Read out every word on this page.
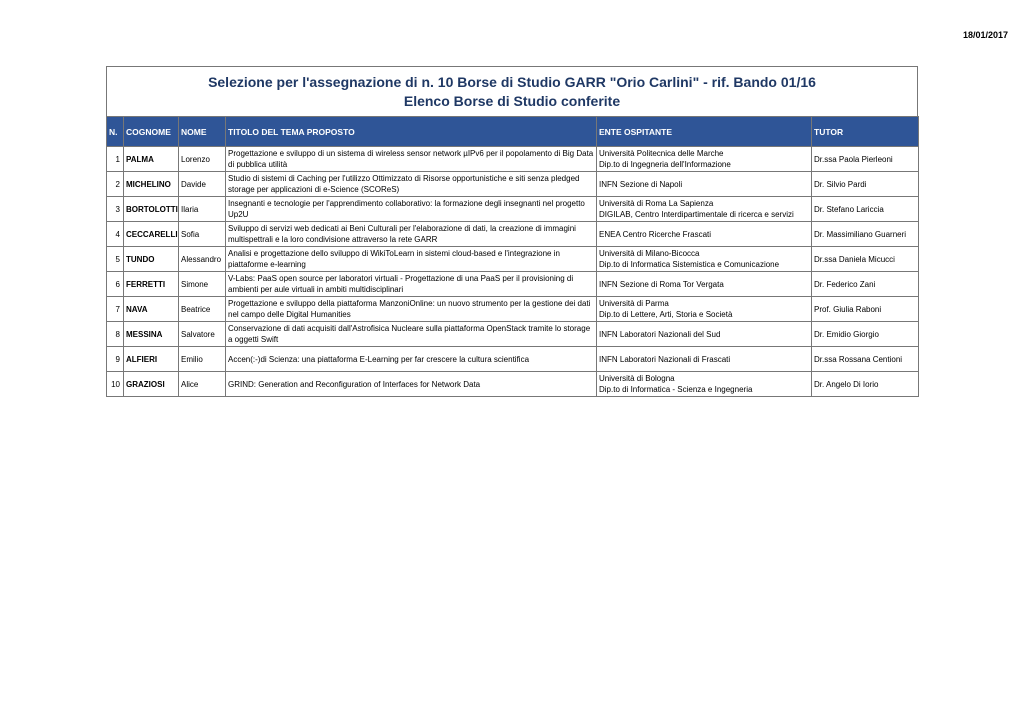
18/01/2017
Selezione per l'assegnazione di n. 10 Borse di Studio GARR "Orio Carlini" - rif. Bando 01/16
Elenco Borse di Studio conferite
N.	COGNOME	NOME	TITOLO DEL TEMA PROPOSTO	ENTE OSPITANTE	TUTOR
1	PALMA	Lorenzo	Progettazione e sviluppo di un sistema di wireless sensor network µIPv6 per il popolamento di Big Data di pubblica utilità	Università Politecnica delle Marche
Dip.to di Ingegneria dell'Informazione	Dr.ssa Paola Pierleoni
2	MICHELINO	Davide	Studio di sistemi di Caching per l'utilizzo Ottimizzato di Risorse opportunistiche e siti senza pledged storage per applicazioni di e-Science (SCOReS)	INFN Sezione di Napoli	Dr. Silvio Pardi
3	BORTOLOTTI	Ilaria	Insegnanti e tecnologie per l'apprendimento collaborativo: la formazione degli insegnanti nel progetto Up2U	Università di Roma La Sapienza
DIGILAB, Centro Interdipartimentale di ricerca e servizi	Dr. Stefano Lariccia
4	CECCARELLI	Sofia	Sviluppo di servizi web dedicati ai Beni Culturali per l'elaborazione di dati, la creazione di immagini multispettrali e la loro condivisione attraverso la rete GARR	ENEA Centro Ricerche Frascati	Dr. Massimiliano Guarneri
5	TUNDO	Alessandro	Analisi e progettazione dello sviluppo di WikiToLearn in sistemi cloud-based e l'integrazione in piattaforme e-learning	Università di Milano-Bicocca
Dip.to di Informatica Sistemistica e Comunicazione	Dr.ssa Daniela Micucci
6	FERRETTI	Simone	V-Labs: PaaS open source per laboratori virtuali - Progettazione di una PaaS per il provisioning di ambienti per aule virtuali in ambiti multidisciplinari	INFN Sezione di Roma Tor Vergata	Dr. Federico Zani
7	NAVA	Beatrice	Progettazione e sviluppo della piattaforma ManzoniOnline: un nuovo strumento per la gestione dei dati nel campo delle Digital Humanities	Università di Parma
Dip.to di Lettere, Arti, Storia e Società	Prof. Giulia Raboni
8	MESSINA	Salvatore	Conservazione di dati acquisiti dall'Astrofisica Nucleare sulla piattaforma OpenStack tramite lo storage a oggetti Swift	INFN Laboratori Nazionali del Sud	Dr. Emidio Giorgio
9	ALFIERI	Emilio	Accen(:-)di Scienza: una piattaforma E-Learning per far crescere la cultura scientifica	INFN Laboratori Nazionali di Frascati	Dr.ssa Rossana Centioni
10	GRAZIOSI	Alice	GRIND: Generation and Reconfiguration of Interfaces for Network Data	Università di Bologna
Dip.to di Informatica - Scienza e Ingegneria	Dr. Angelo Di Iorio
